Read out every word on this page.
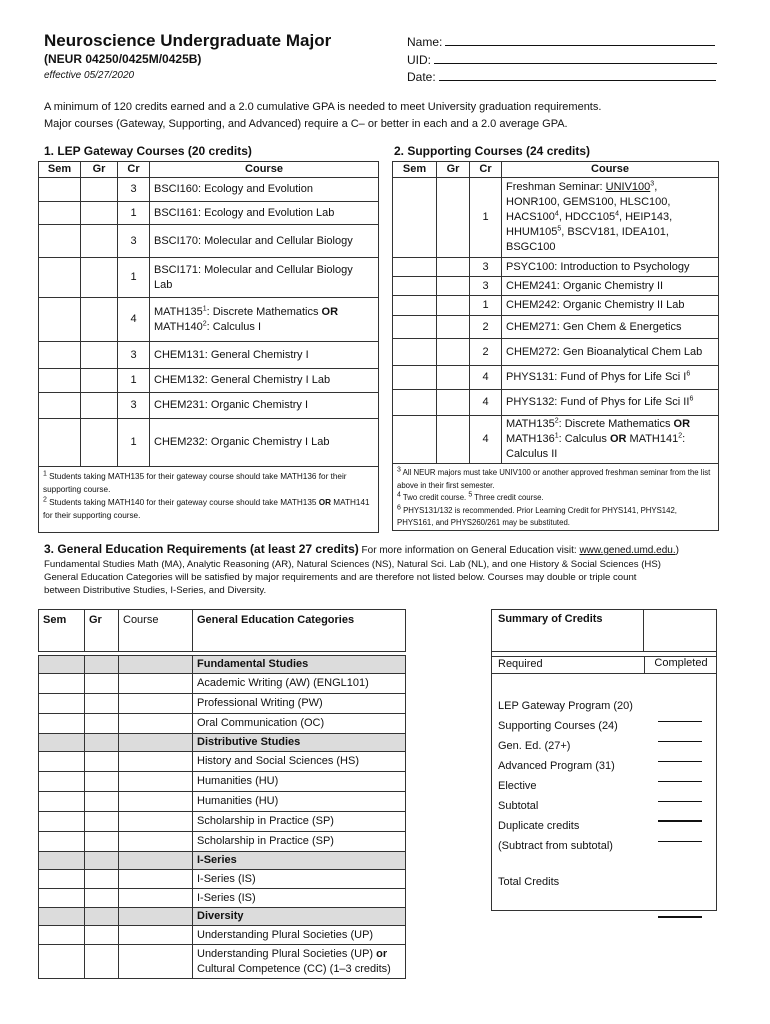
Neuroscience Undergraduate Major
(NEUR 04250/0425M/0425B)
effective 05/27/2020
Name:
UID:
Date:
A minimum of 120 credits earned and a 2.0 cumulative GPA is needed to meet University graduation requirements.
Major courses (Gateway, Supporting, and Advanced) require a C– or better in each and a 2.0 average GPA.
1. LEP Gateway Courses (20 credits)
Sem	Gr	Cr	Course
		3	BSCI160: Ecology and Evolution
		1	BSCI161: Ecology and Evolution Lab
		3	BSCI170: Molecular and Cellular Biology
		1	BSCI171: Molecular and Cellular Biology Lab
		4	$MATH135^1$: Discrete Mathematics OR
$MATH140^2$: Calculus I
		3	CHEM131: General Chemistry I
		1	CHEM132: General Chemistry I Lab
		3	CHEM231: Organic Chemistry I
		1	CHEM232: Organic Chemistry I Lab
$^1$ Students taking MATH135 for their gateway course should take MATH136 for their supporting course.
$^2$ Students taking MATH140 for their gateway course should take MATH135 OR MATH141 for their supporting course.			
2. Supporting Courses (24 credits)
Sem	Gr	Cr	Course
		1	Freshman Seminar: $UNIV100^3$,
HONR100, GEMS100, HLSC100,
$HACS100^4$, $HDCC105^4$, HEIP143,
$HHUM105^5$, BSCV181, IDEA101,
BSGC100
		3	PSYC100: Introduction to Psychology
		3	CHEM241: Organic Chemistry II
		1	CHEM242: Organic Chemistry II Lab
		2	CHEM271: Gen Chem & Energetics
		2	CHEM272: Gen Bioanalytical Chem Lab
		4	PHYS131: Fund of Phys for Life Sci $I^6$
		4	PHYS132: Fund of Phys for Life Sci $II^6$
		4	$MATH135^2$: Discrete Mathematics OR
$MATH136^1$: Calculus OR $MATH141^2$:
Calculus II
$^3$ All NEUR majors must take UNIV100 or another approved freshman seminar from the list above in their first semester.
$^4$ Two credit course. $^5$ Three credit course.
$^6$ PHYS131/132 is recommended. Prior Learning Credit for PHYS141, PHYS142, PHYS161, and PHYS260/261 may be substituted.			
3. General Education Requirements (at least 27 credits) For more information on General Education visit: www.gened.umd.edu.)
Fundamental Studies Math (MA), Analytic Reasoning (AR), Natural Sciences (NS), Natural Sci. Lab (NL), and one History & Social Sciences (HS)
General Education Categories will be satisfied by major requirements and are therefore not listed below. Courses may double or triple count
between Distributive Studies, I-Series, and Diversity.
Sem	Gr	Course	General Education Categories

			Fundamental Studies
			Academic Writing (AW) (ENGL101)
			Professional Writing (PW)
			Oral Communication (OC)
			Distributive Studies
			History and Social Sciences (HS)
			Humanities (HU)
			Humanities (HU)
			Scholarship in Practice (SP)
			Scholarship in Practice (SP)
			I-Series
			I-Series (IS)
			I-Series (IS)
			Diversity
			Understanding Plural Societies (UP)
			Understanding Plural Societies (UP) or
Cultural Competence (CC) (1–3 credits)
Summary of Credits
Required	Completed
LEP Gateway Program (20)
Supporting Courses (24)
Gen. Ed. (27+)
Advanced Program (31)
Elective
Subtotal
Duplicate credits
(Subtract from subtotal)
Total Credits
